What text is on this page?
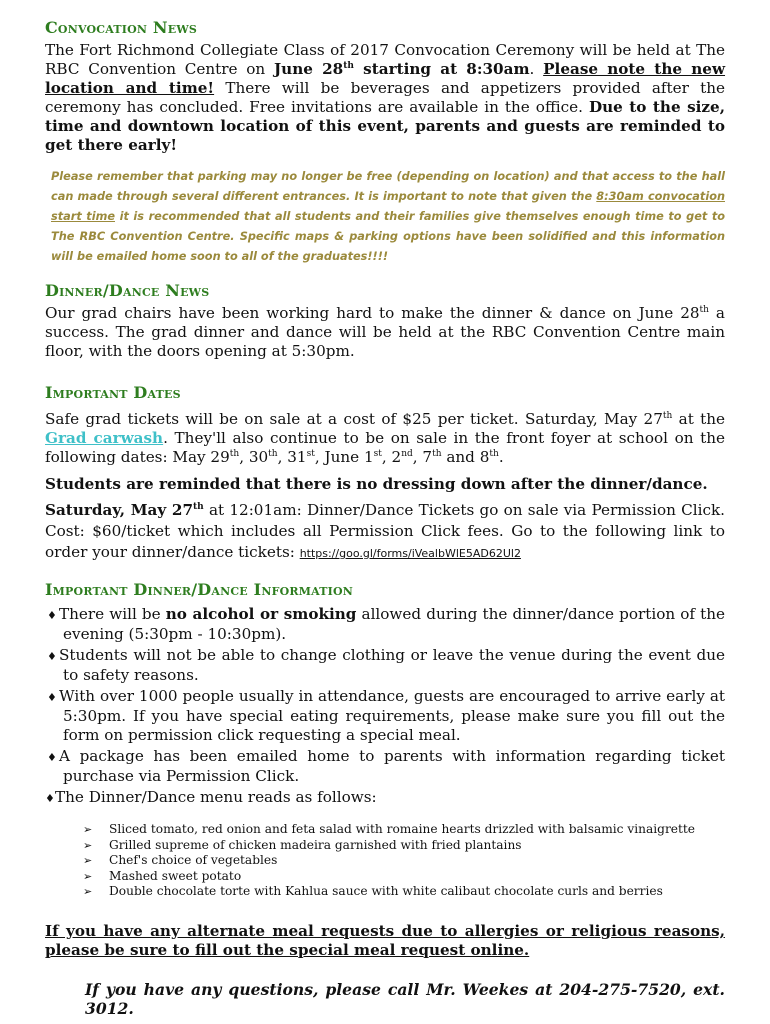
Convocation News

The Fort Richmond Collegiate Class of 2017 Convocation Ceremony will be held at The RBC Convention Centre on June 28th starting at 8:30am. Please note the new location and time! There will be beverages and appetizers provided after the ceremony has concluded. Free invitations are available in the office. Due to the size, time and downtown location of this event, parents and guests are reminded to get there early!

Please remember that parking may no longer be free (depending on location) and that access to the hall can made through several different entrances. It is important to note that given the 8:30am convocation start time it is recommended that all students and their families give themselves enough time to get to The RBC Convention Centre. Specific maps & parking options have been solidified and this information will be emailed home soon to all of the graduates!!!!

Dinner/Dance News

Our grad chairs have been working hard to make the dinner & dance on June 28th a success. The grad dinner and dance will be held at the RBC Convention Centre main floor, with the doors opening at 5:30pm.

Important Dates

Safe grad tickets will be on sale at a cost of $25 per ticket. Saturday, May 27th at the Grad carwash. They'll also continue to be on sale in the front foyer at school on the following dates: May 29th, 30th, 31st, June 1st, 2nd, 7th and 8th.

Students are reminded that there is no dressing down after the dinner/dance.

Saturday, May 27th at 12:01am: Dinner/Dance Tickets go on sale via Permission Click. Cost: $60/ticket which includes all Permission Click fees. Go to the following link to order your dinner/dance tickets: https://goo.gl/forms/iVealbWlE5AD62Ul2

Important Dinner/Dance Information

♦ There will be no alcohol or smoking allowed during the dinner/dance portion of the evening (5:30pm - 10:30pm).

♦ Students will not be able to change clothing or leave the venue during the event due to safety reasons.

♦ With over 1000 people usually in attendance, guests are encouraged to arrive early at 5:30pm. If you have special eating requirements, please make sure you fill out the form on permission click requesting a special meal.

♦ A package has been emailed home to parents with information regarding ticket purchase via Permission Click.

♦The Dinner/Dance menu reads as follows:

➢ Sliced tomato, red onion and feta salad with romaine hearts drizzled with balsamic vinaigrette
➢ Grilled supreme of chicken madeira garnished with fried plantains
➢ Chef's choice of vegetables
➢ Mashed sweet potato
➢ Double chocolate torte with Kahlua sauce with white calibaut chocolate curls and berries

If you have any alternate meal requests due to allergies or religious reasons, please be sure to fill out the special meal request online.

If you have any questions, please call Mr. Weekes at 204-275-7520, ext. 3012.
